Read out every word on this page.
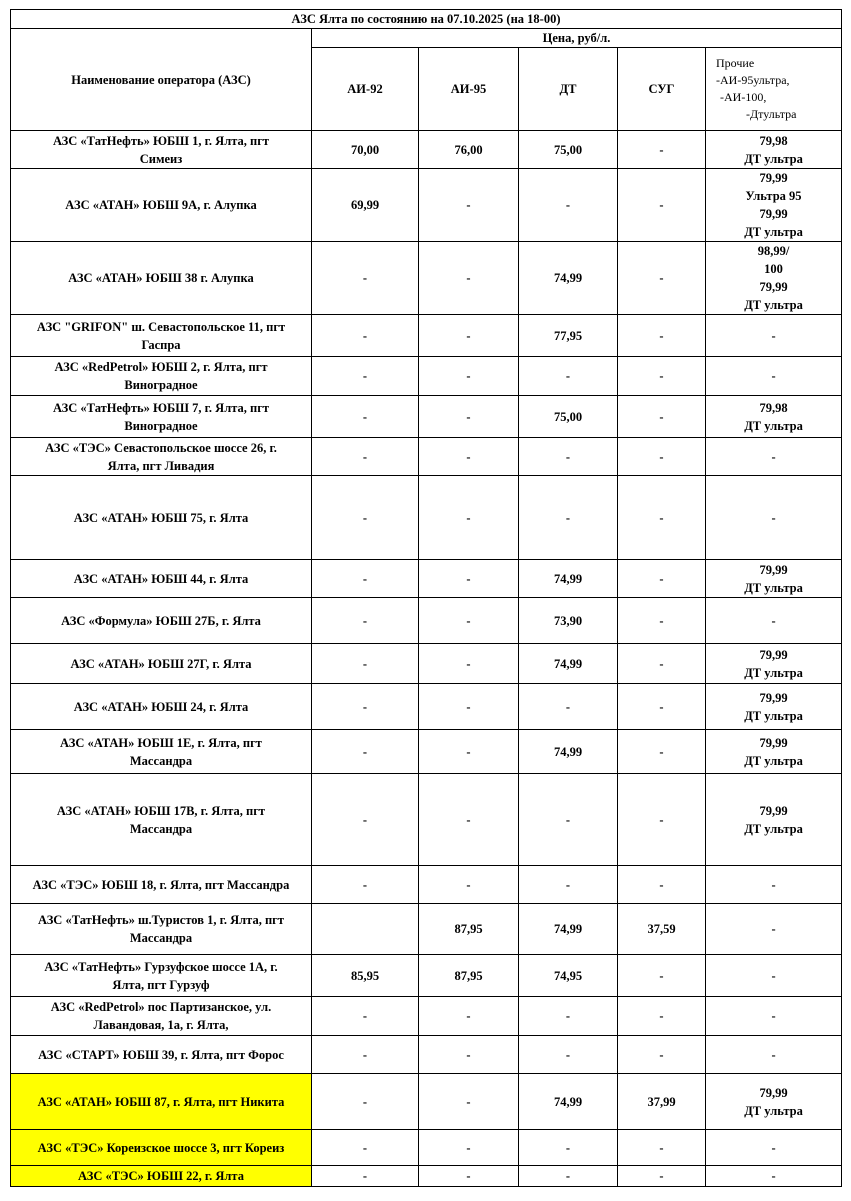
АЗС Ялта по состоянию на 07.10.2025 (на 18-00)					
Наименование оператора (АЗС)	Цена, руб/л.				
	АИ-92	АИ-95	ДТ	СУГ	Прочие
-АИ-95ультра,
-АИ-100,
-Дтультра

АЗС «ТатНефть» ЮБШ 1, г. Ялта, пгт
Симеиз	70,00	76,00	75,00	-	79,98
ДТ ультра

АЗС «АТАН» ЮБШ 9А, г. Алупка	69,99	-	-	-	79,99
Ультра 95
79,99
ДТ ультра

АЗС «АТАН» ЮБШ 38 г. Алупка	-	-	74,99	-	98,99/
100
79,99
ДТ ультра

АЗС "GRIFON" ш. Севастопольское 11, пгт
Гаспра	-	-	77,95	-	-

АЗС «RedPetrol» ЮБШ 2, г. Ялта, пгт
Виноградное	-	-	-	-	-

АЗС «ТатНефть» ЮБШ 7, г. Ялта, пгт
Виноградное	-	-	75,00	-	79,98
ДТ ультра

АЗС «ТЭС» Севастопольское шоссе 26, г.
Ялта, пгт Ливадия	-	-	-	-	-

АЗС «АТАН» ЮБШ 75, г. Ялта	-	-	-	-	-

АЗС «АТАН» ЮБШ 44, г. Ялта	-	-	74,99	-	79,99
ДТ ультра

АЗС «Формула» ЮБШ 27Б, г. Ялта	-	-	73,90	-	-

АЗС «АТАН» ЮБШ 27Г, г. Ялта	-	-	74,99	-	79,99
ДТ ультра

АЗС «АТАН» ЮБШ 24, г. Ялта	-	-	-	-	79,99
ДТ ультра

АЗС «АТАН» ЮБШ 1Е, г. Ялта, пгт
Массандра	-	-	74,99	-	79,99
ДТ ультра

АЗС «АТАН» ЮБШ 17В, г. Ялта, пгт
Массандра	-	-	-	-	79,99
ДТ ультра

АЗС «ТЭС» ЮБШ 18, г. Ялта, пгт Массандра	-	-	-	-	-

АЗС «ТатНефть» ш.Туристов 1, г. Ялта, пгт
Массандра		87,95	74,99	37,59	-

АЗС «ТатНефть» Гурзуфское шоссе 1А, г.
Ялта, пгт Гурзуф	85,95	87,95	74,95	-	-

АЗС «RedPetrol» пос Партизанское, ул.
Лавандовая, 1а, г. Ялта,	-	-	-	-	-

АЗС «СТАРТ» ЮБШ 39, г. Ялта, пгт Форос	-	-	-	-	-

АЗС «АТАН» ЮБШ 87, г. Ялта, пгт Никита	-	-	74,99	37,99	79,99
ДТ ультра

АЗС «ТЭС» Кореизское шоссе 3, пгт Кореиз	-	-	-	-	-

АЗС «ТЭС» ЮБШ 22, г. Ялта	-	-	-	-	-
